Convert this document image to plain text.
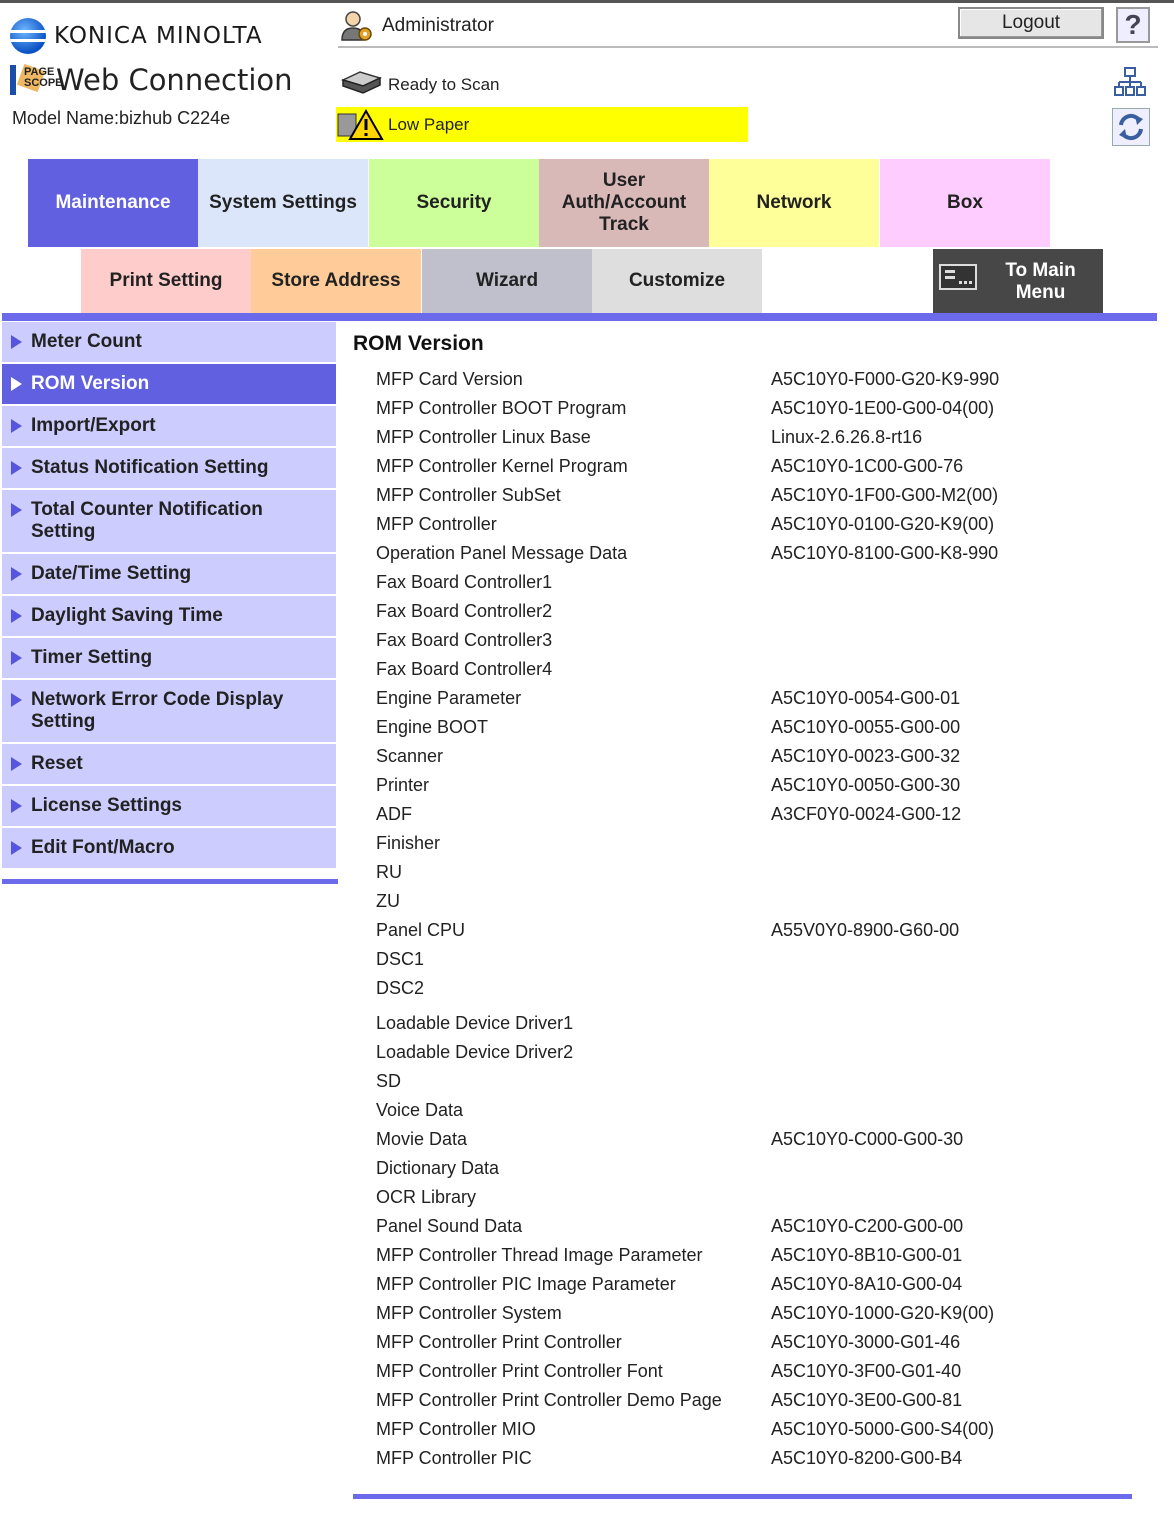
KONICA MINOLTA
PAGE SCOPE
Web Connection
Model Name:bizhub C224e
Administrator	Logout	?
Ready to Scan
Low Paper
Maintenance	System Settings	Security
User Auth/Account Track
Network	Box
Print Setting	Store Address	Wizard	Customize	To Main Menu
Meter Count
ROM Version
Import/Export
Status Notification Setting
Total Counter Notification Setting
Date/Time Setting
Daylight Saving Time
Timer Setting
Network Error Code Display Setting
Reset
License Settings
Edit Font/Macro
ROM Version
MFP Card Version	A5C10Y0-F000-G20-K9-990
MFP Controller BOOT Program	A5C10Y0-1E00-G00-04(00)
MFP Controller Linux Base	Linux-2.6.26.8-rt16
MFP Controller Kernel Program	A5C10Y0-1C00-G00-76
MFP Controller SubSet	A5C10Y0-1F00-G00-M2(00)
MFP Controller	A5C10Y0-0100-G20-K9(00)
Operation Panel Message Data	A5C10Y0-8100-G00-K8-990
Fax Board Controller1
Fax Board Controller2
Fax Board Controller3
Fax Board Controller4
Engine Parameter	A5C10Y0-0054-G00-01
Engine BOOT	A5C10Y0-0055-G00-00
Scanner	A5C10Y0-0023-G00-32
Printer	A5C10Y0-0050-G00-30
ADF	A3CF0Y0-0024-G00-12
Finisher
RU
ZU
Panel CPU	A55V0Y0-8900-G60-00
DSC1
DSC2
Loadable Device Driver1
Loadable Device Driver2
SD
Voice Data
Movie Data	A5C10Y0-C000-G00-30
Dictionary Data
OCR Library
Panel Sound Data	A5C10Y0-C200-G00-00
MFP Controller Thread Image Parameter	A5C10Y0-8B10-G00-01
MFP Controller PIC Image Parameter	A5C10Y0-8A10-G00-04
MFP Controller System	A5C10Y0-1000-G20-K9(00)
MFP Controller Print Controller	A5C10Y0-3000-G01-46
MFP Controller Print Controller Font	A5C10Y0-3F00-G01-40
MFP Controller Print Controller Demo Page	A5C10Y0-3E00-G00-81
MFP Controller MIO	A5C10Y0-5000-G00-S4(00)
MFP Controller PIC	A5C10Y0-8200-G00-B4
